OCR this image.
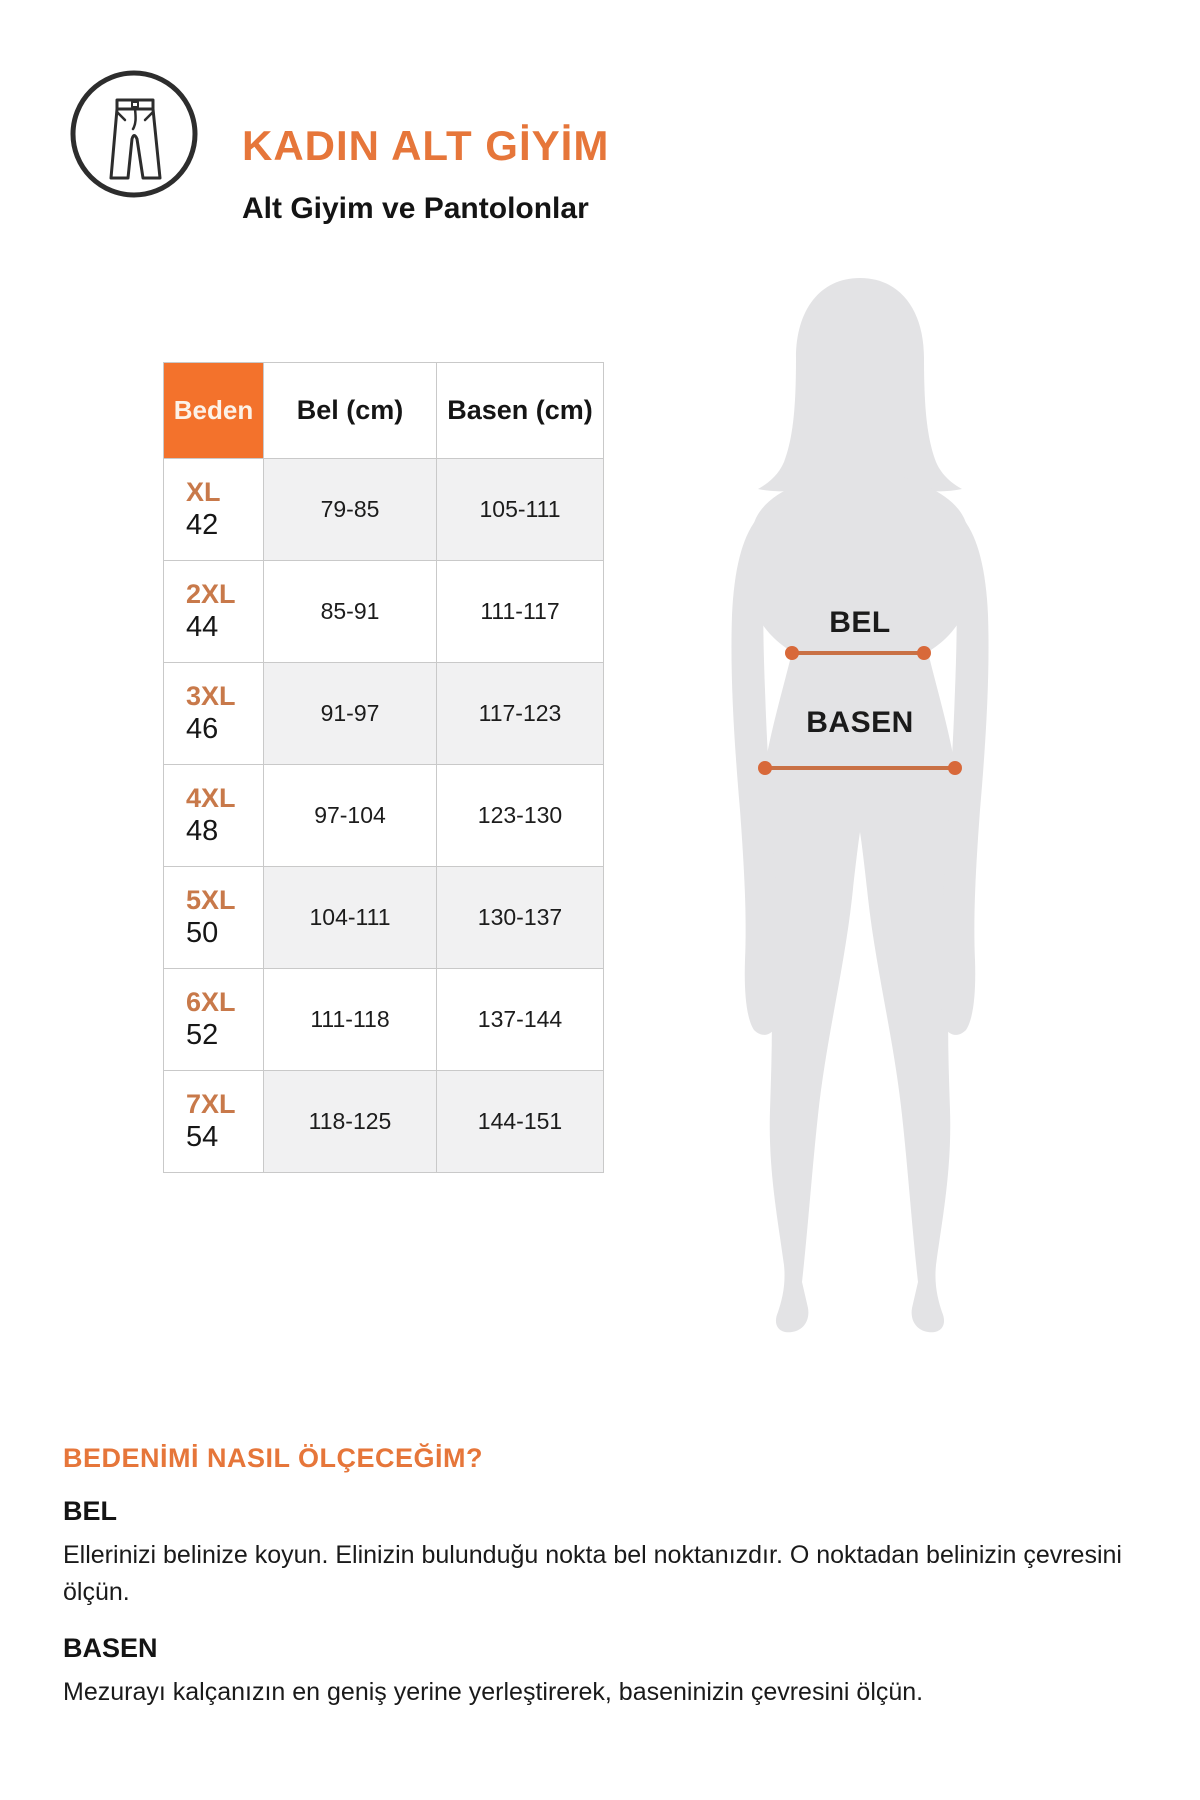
KADIN ALT GİYİM
Alt Giyim ve Pantolonlar
Beden	Bel (cm)	Basen (cm)

XL
42	79-85	105-111

2XL
44	85-91	111-117

3XL
46	91-97	117-123

4XL
48	97-104	123-130

5XL
50	104-111	130-137

6XL
52	111-118	137-144

7XL
54	118-125	144-151
BEL
BASEN
BEDENİMİ NASIL ÖLÇECEĞİM?
BEL

Ellerinizi belinize koyun. Elinizin bulunduğu nokta bel noktanızdır. O noktadan belinizin çevresini ölçün.

BASEN

Mezurayı kalçanızın en geniş yerine yerleştirerek, baseninizin çevresini ölçün.
